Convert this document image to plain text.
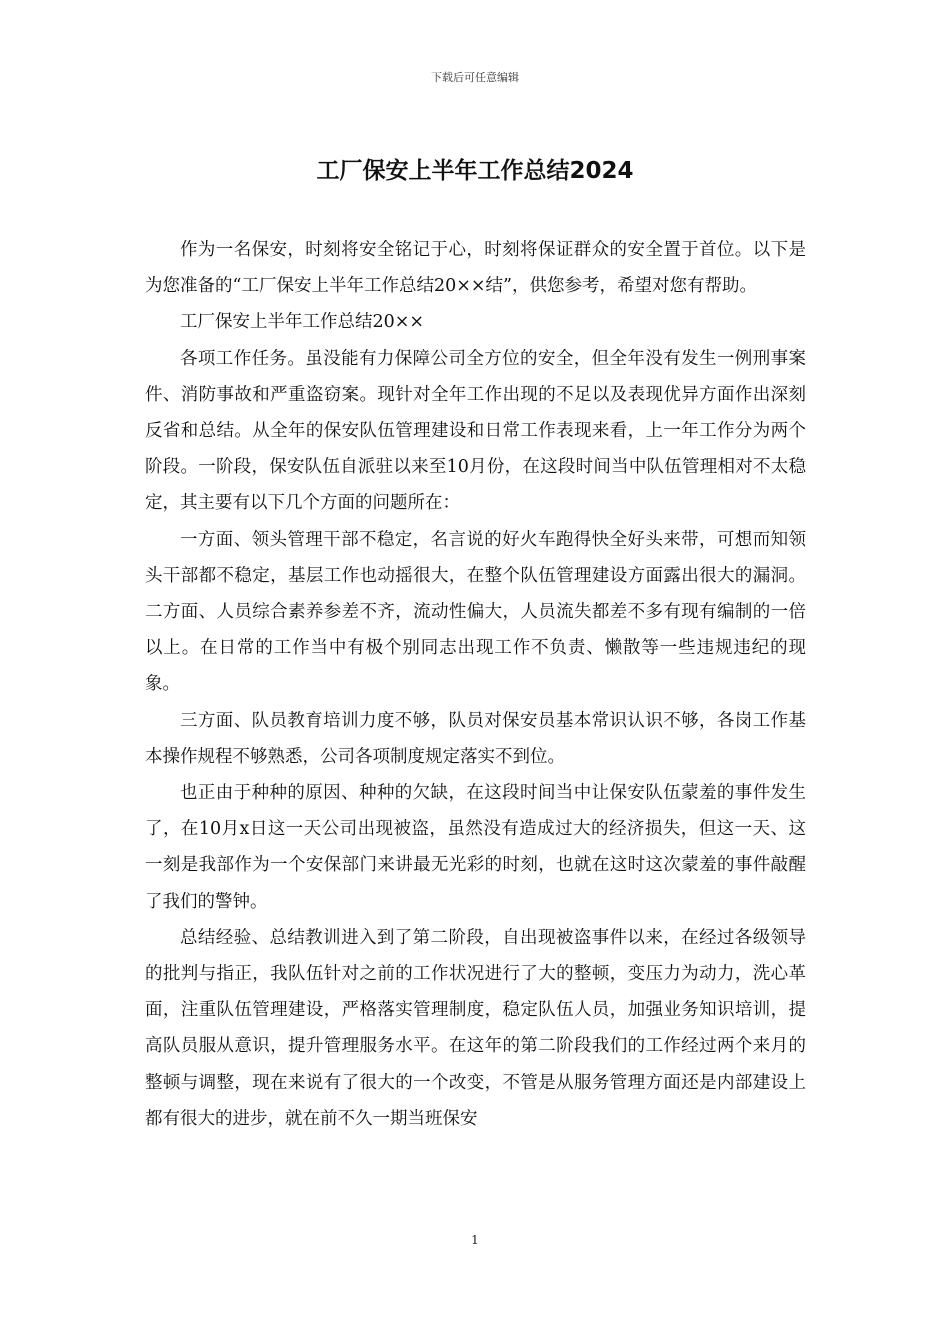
下载后可任意编辑
工厂保安上半年工作总结2024

作为一名保安，时刻将安全铭记于心，时刻将保证群众的安全置于首位。以下是为您准备的“工厂保安上半年工作总结20××结”，供您参考，希望对您有帮助。

工厂保安上半年工作总结20××

各项工作任务。虽没能有力保障公司全方位的安全，但全年没有发生一例刑事案件、消防事故和严重盗窃案。现针对全年工作出现的不足以及表现优异方面作出深刻反省和总结。从全年的保安队伍管理建设和日常工作表现来看，上一年工作分为两个阶段。一阶段，保安队伍自派驻以来至10月份，在这段时间当中队伍管理相对不太稳定，其主要有以下几个方面的问题所在：

一方面、领头管理干部不稳定，名言说的好火车跑得快全好头来带，可想而知领头干部都不稳定，基层工作也动摇很大，在整个队伍管理建设方面露出很大的漏洞。二方面、人员综合素养参差不齐，流动性偏大，人员流失都差不多有现有编制的一倍以上。在日常的工作当中有极个别同志出现工作不负责、懒散等一些违规违纪的现象。

三方面、队员教育培训力度不够，队员对保安员基本常识认识不够，各岗工作基本操作规程不够熟悉，公司各项制度规定落实不到位。

也正由于种种的原因、种种的欠缺，在这段时间当中让保安队伍蒙羞的事件发生了，在10月x日这一天公司出现被盗，虽然没有造成过大的经济损失，但这一天、这一刻是我部作为一个安保部门来讲最无光彩的时刻，也就在这时这次蒙羞的事件敲醒了我们的警钟。

总结经验、总结教训进入到了第二阶段，自出现被盗事件以来，在经过各级领导的批判与指正，我队伍针对之前的工作状况进行了大的整顿，变压力为动力，洗心革面，注重队伍管理建设，严格落实管理制度，稳定队伍人员，加强业务知识培训，提高队员服从意识，提升管理服务水平。在这年的第二阶段我们的工作经过两个来月的整顿与调整，现在来说有了很大的一个改变，不管是从服务管理方面还是内部建设上都有很大的进步，就在前不久一期当班保安

1
